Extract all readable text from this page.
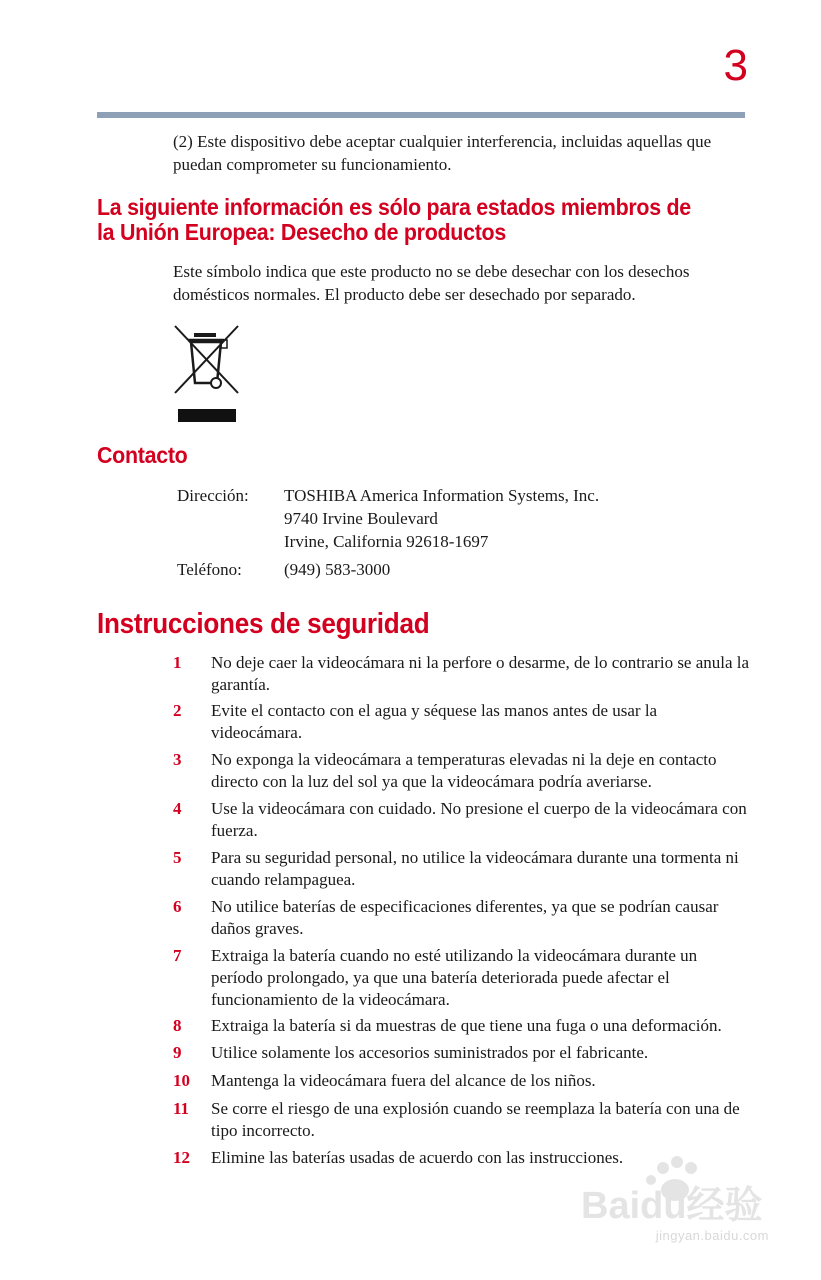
3

(2) Este dispositivo debe aceptar cualquier interferencia, incluidas aquellas que puedan comprometer su funcionamiento.

La siguiente información es sólo para estados miembros de la Unión Europea: Desecho de productos

Este símbolo indica que este producto no se debe desechar con los desechos domésticos normales. El producto debe ser desechado por separado.

Contacto
Dirección: TOSHIBA America Information Systems, Inc.
9740 Irvine Boulevard
Irvine, California 92618-1697
Teléfono: (949) 583-3000
Instrucciones de seguridad
1	No deje caer la videocámara ni la perfore o desarme, de lo contrario se anula la garantía.
2	Evite el contacto con el agua y séquese las manos antes de usar la videocámara.
3	No exponga la videocámara a temperaturas elevadas ni la deje en contacto directo con la luz del sol ya que la videocámara podría averiarse.
4	Use la videocámara con cuidado. No presione el cuerpo de la videocámara con fuerza.
5	Para su seguridad personal, no utilice la videocámara durante una tormenta ni cuando relampaguea.
6	No utilice baterías de especificaciones diferentes, ya que se podrían causar daños graves.
7	Extraiga la batería cuando no esté utilizando la videocámara durante un período prolongado, ya que una batería deteriorada puede afectar el funcionamiento de la videocámara.
8	Extraiga la batería si da muestras de que tiene una fuga o una deformación.
9	Utilice solamente los accesorios suministrados por el fabricante.
10	Mantenga la videocámara fuera del alcance de los niños.
11	Se corre el riesgo de una explosión cuando se reemplaza la batería con una de tipo incorrecto.
12	Elimine las baterías usadas de acuerdo con las instrucciones.
Baidu经验
jingyan.baidu.com
